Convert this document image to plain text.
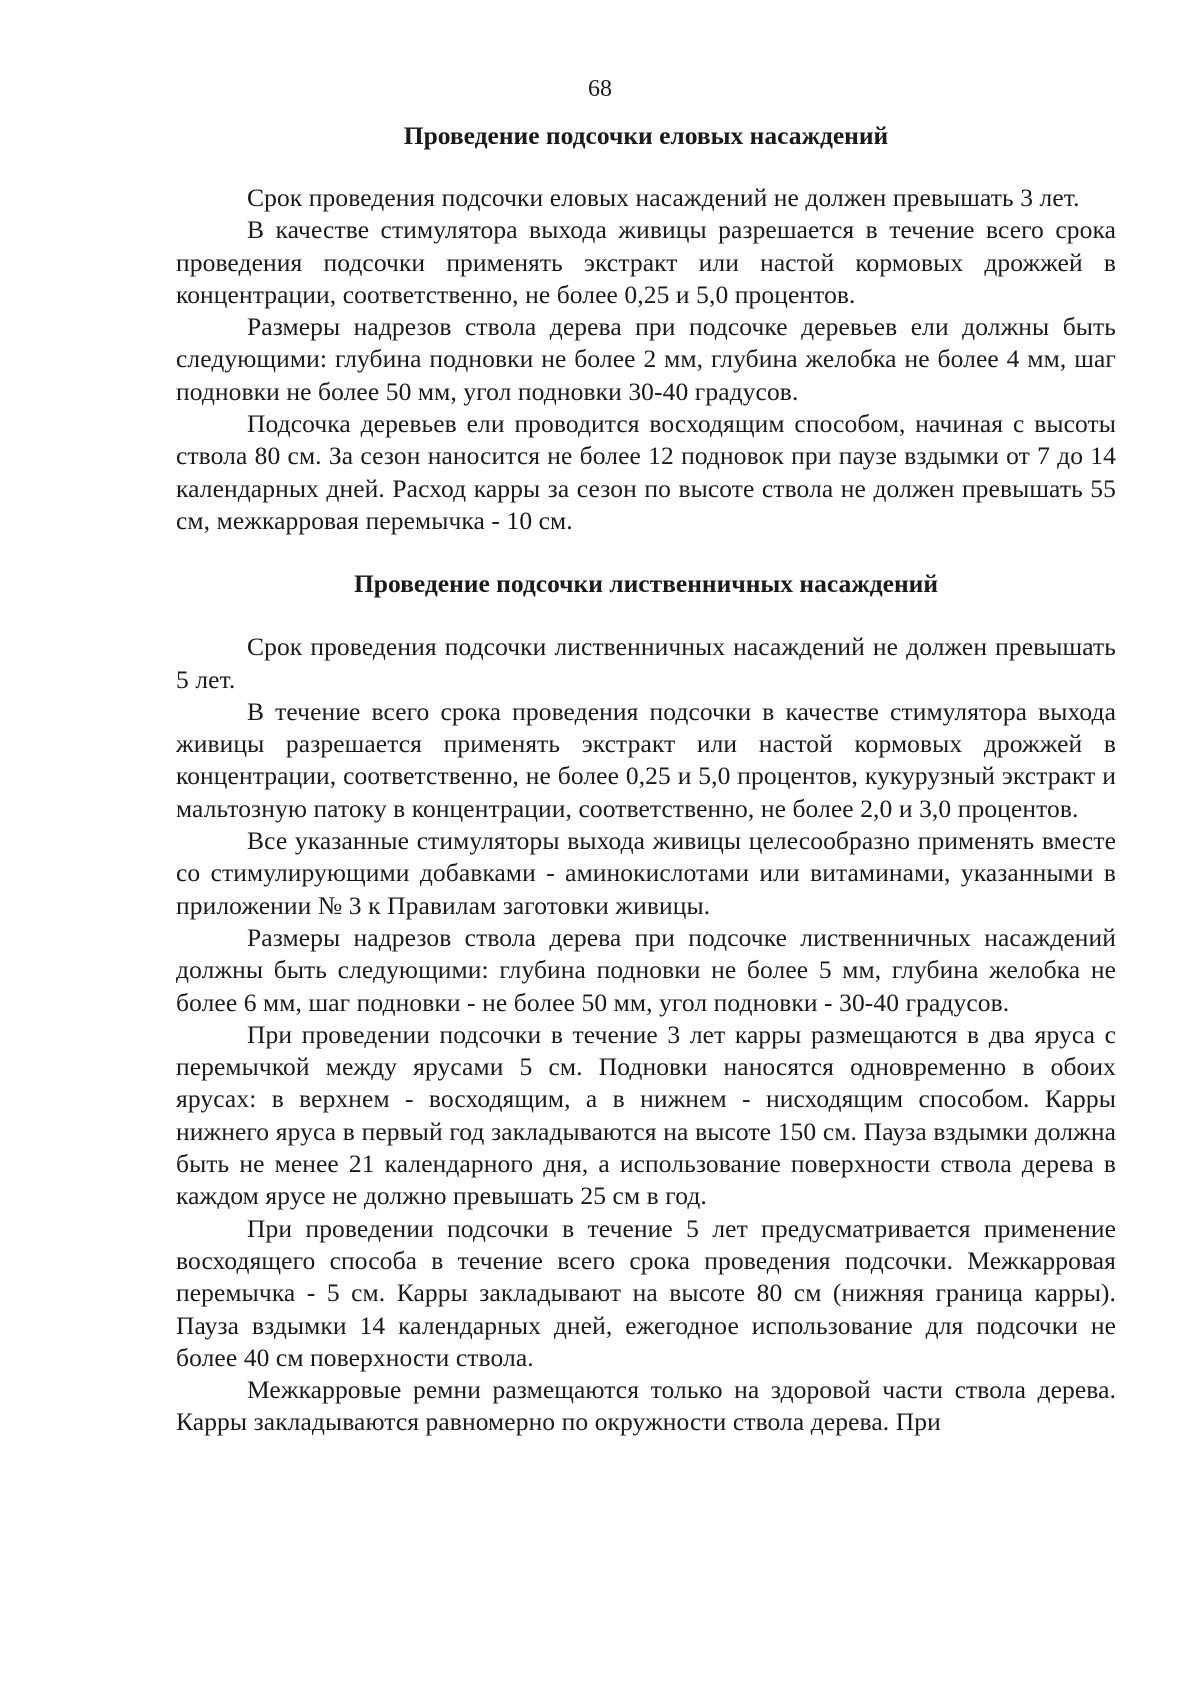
68
Проведение подсочки еловых насаждений

Срок проведения подсочки еловых насаждений не должен превышать 3 лет.

В качестве стимулятора выхода живицы разрешается в течение всего срока проведения подсочки применять экстракт или настой кормовых дрожжей в концентрации, соответственно, не более 0,25 и 5,0 процентов.

Размеры надрезов ствола дерева при подсочке деревьев ели должны быть следующими: глубина подновки не более 2 мм, глубина желобка не более 4 мм, шаг подновки не более 50 мм, угол подновки 30-40 градусов.

Подсочка деревьев ели проводится восходящим способом, начиная с высоты ствола 80 см. За сезон наносится не более 12 подновок при паузе вздымки от 7 до 14 календарных дней. Расход карры за сезон по высоте ствола не должен превышать 55 см, межкарровая перемычка - 10 см.

Проведение подсочки лиственничных насаждений

Срок проведения подсочки лиственничных насаждений не должен превышать 5 лет.

В течение всего срока проведения подсочки в качестве стимулятора выхода живицы разрешается применять экстракт или настой кормовых дрожжей в концентрации, соответственно, не более 0,25 и 5,0 процентов, кукурузный экстракт и мальтозную патоку в концентрации, соответственно, не более 2,0 и 3,0 процентов.

Все указанные стимуляторы выхода живицы целесообразно применять вместе со стимулирующими добавками - аминокислотами или витаминами, указанными в приложении № 3 к Правилам заготовки живицы.

Размеры надрезов ствола дерева при подсочке лиственничных насаждений должны быть следующими: глубина подновки не более 5 мм, глубина желобка не более 6 мм, шаг подновки - не более 50 мм, угол подновки - 30-40 градусов.

При проведении подсочки в течение 3 лет карры размещаются в два яруса с перемычкой между ярусами 5 см. Подновки наносятся одновременно в обоих ярусах: в верхнем - восходящим, а в нижнем - нисходящим способом. Карры нижнего яруса в первый год закладываются на высоте 150 см. Пауза вздымки должна быть не менее 21 календарного дня, а использование поверхности ствола дерева в каждом ярусе не должно превышать 25 см в год.

При проведении подсочки в течение 5 лет предусматривается применение восходящего способа в течение всего срока проведения подсочки. Межкарровая перемычка - 5 см. Карры закладывают на высоте 80 см (нижняя граница карры). Пауза вздымки 14 календарных дней, ежегодное использование для подсочки не более 40 см поверхности ствола.

Межкарровые ремни размещаются только на здоровой части ствола дерева. Карры закладываются равномерно по окружности ствола дерева. При
